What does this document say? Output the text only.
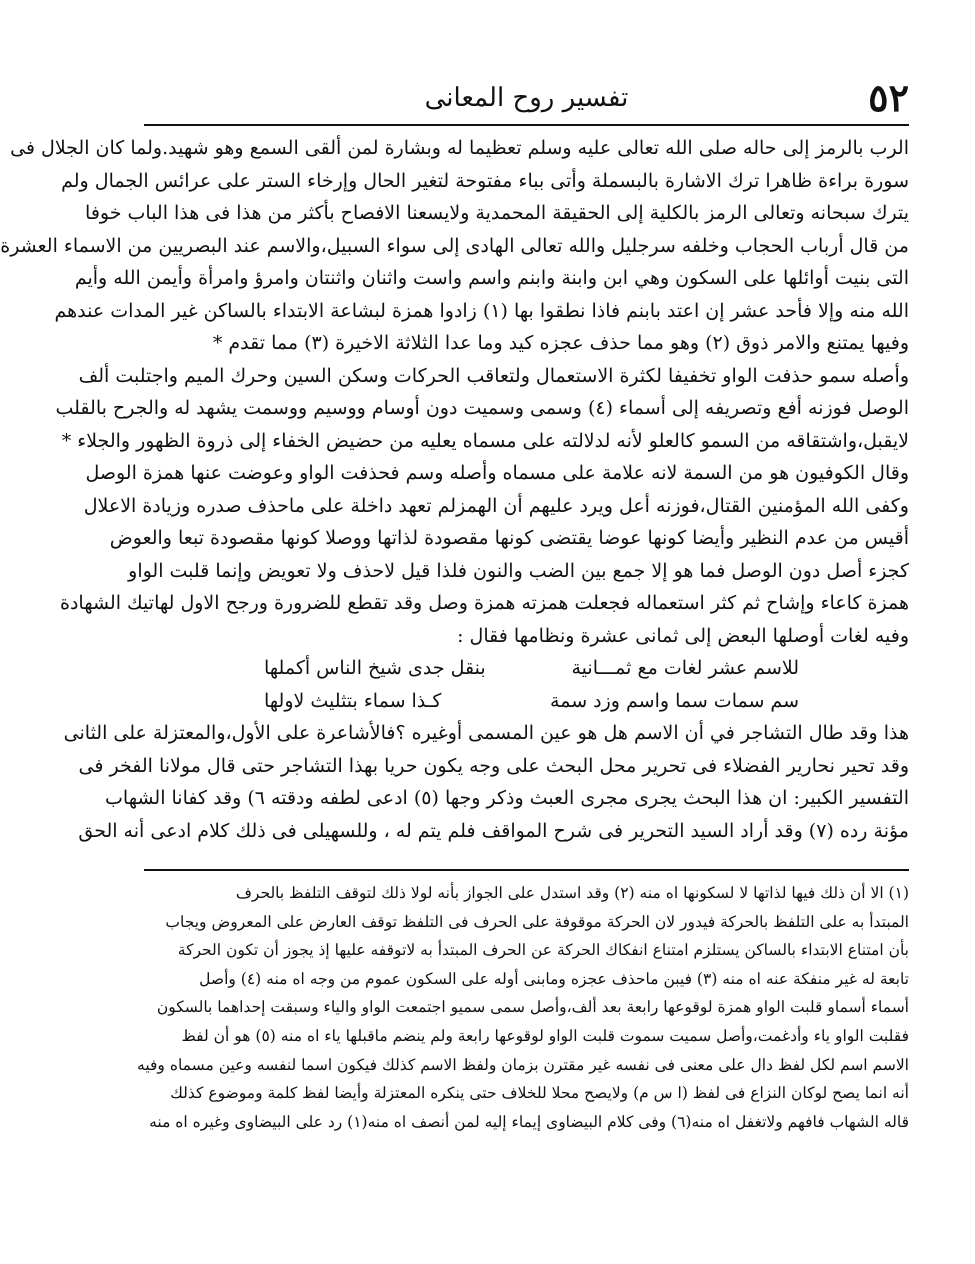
٥٢
تفسير روح المعانى
الرب بالرمز إلى حاله صلى الله تعالى عليه وسلم تعظيما له وبشارة لمن ألقى السمع وهو شهيد.ولما كان الجلال فى
سورة براءة ظاهرا ترك الاشارة بالبسملة وأتى بباء مفتوحة لتغير الحال وإرخاء الستر على عرائس الجمال ولم
يترك سبحانه وتعالى الرمز بالكلية إلى الحقيقة المحمدية ولايسعنا الافصاح بأكثر من هذا فى هذا الباب خوفا
من قال أرباب الحجاب وخلفه سرجليل والله تعالى الهادى إلى سواء السبيل،والاسم عند البصريين من الاسماء العشرة
التى بنيت أوائلها على السكون وهي ابن وابنة وابنم واسم واست واثنان واثنتان وامرؤ وامرأة وأيمن الله وأيم
الله منه وإلا فأحد عشر إن اعتد بابنم فاذا نطقوا بها (١) زادوا همزة لبشاعة الابتداء بالساكن غير المدات عندهم
وفيها يمتنع والامر ذوق (٢) وهو مما حذف عجزه كيد وما عدا الثلاثة الاخيرة (٣) مما تقدم *
وأصله سمو حذفت الواو تخفيفا لكثرة الاستعمال ولتعاقب الحركات وسكن السين وحرك الميم واجتلبت ألف
الوصل فوزنه أفع وتصريفه إلى أسماء (٤) وسمى وسميت دون أوسام ووسيم ووسمت يشهد له والجرح بالقلب
لايقبل،واشتقاقه من السمو كالعلو لأنه لدلالته على مسماه يعليه من حضيض الخفاء إلى ذروة الظهور والجلاء *
وقال الكوفيون هو من السمة لانه علامة على مسماه وأصله وسم فحذفت الواو وعوضت عنها همزة الوصل
وكفى الله المؤمنين القتال،فوزنه أعل ويرد عليهم أن الهمزلم تعهد داخلة على ماحذف صدره وزيادة الاعلال
أقيس من عدم النظير وأيضا كونها عوضا يقتضى كونها مقصودة لذاتها ووصلا كونها مقصودة تبعا والعوض
كجزء أصل دون الوصل فما هو إلا جمع بين الضب والنون فلذا قيل لاحذف ولا تعويض وإنما قلبت الواو
همزة كاعاء وإشاح ثم كثر استعماله فجعلت همزته همزة وصل وقد تقطع للضرورة ورجح الاول لهاتيك الشهادة
وفيه لغات أوصلها البعض إلى ثمانى عشرة ونظامها فقال :
للاسم عشر لغات مع ثمـــانية
بنقل جدى شيخ الناس أكملها
سم سمات سما واسم وزد سمة
كـذا سماء بتثليث لاولها
هذا وقد طال التشاجر في أن الاسم هل هو عين المسمى أوغيره ؟فالأشاعرة على الأول،والمعتزلة على الثانى
وقد تحير نحارير الفضلاء فى تحرير محل البحث على وجه يكون حريا بهذا التشاجر حتى قال مولانا الفخر فى
التفسير الكبير: ان هذا البحث يجرى مجرى العبث وذكر وجها (٥) ادعى لطفه ودقته ٦) وقد كفانا الشهاب
مؤنة رده (٧) وقد أراد السيد التحرير فى شرح المواقف فلم يتم له ، وللسهيلى فى ذلك كلام ادعى أنه الحق
(١) الا أن ذلك فيها لذاتها لا لسكونها اه منه (٢) وقد استدل على الجواز بأنه لولا ذلك لتوقف التلفظ بالحرف
المبتدأ به على التلفظ بالحركة فيدور لان الحركة موقوفة على الحرف فى التلفظ توقف العارض على المعروض ويجاب
بأن امتناع الابتداء بالساكن يستلزم امتناع انفكاك الحركة عن الحرف المبتدأ به لاتوقفه عليها إذ يجوز أن تكون الحركة
تابعة له غير منفكة عنه اه منه (٣) فيبن ماحذف عجزه ومابنى أوله على السكون عموم من وجه اه منه (٤) وأصل
أسماء أسماو قلبت الواو همزة لوقوعها رابعة بعد ألف،وأصل سمى سميو اجتمعت الواو والياء وسبقت إحداهما بالسكون
فقلبت الواو ياء وأدغمت،وأصل سميت سموت قلبت الواو لوقوعها رابعة ولم ينضم ماقبلها ياء اه منه (٥) هو أن لفظ
الاسم اسم لكل لفظ دال على معنى فى نفسه غير مقترن بزمان ولفظ الاسم كذلك فيكون اسما لنفسه وعين مسماه وفيه
أنه انما يصح لوكان النزاع فى لفظ (ا س م) ولايصح محلا للخلاف حتى ينكره المعتزلة وأيضا لفظ كلمة وموضوع كذلك
قاله الشهاب فافهم ولاتغفل اه منه(٦) وفى كلام البيضاوى إيماء إليه لمن أنصف اه منه(١) رد على البيضاوى وغيره اه منه
